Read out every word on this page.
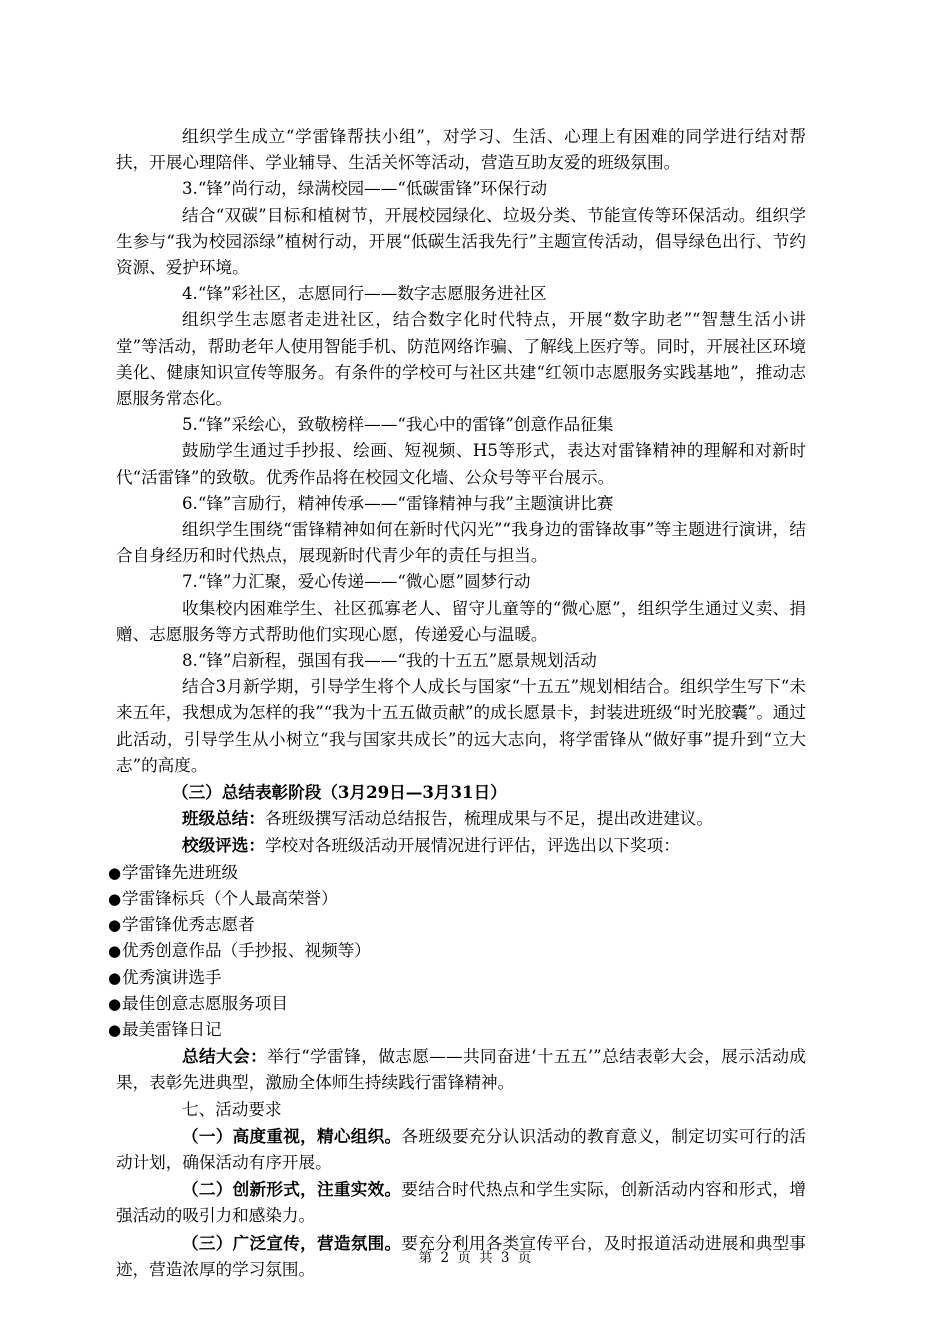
组织学生成立“学雷锋帮扶小组”，对学习、生活、心理上有困难的同学进行结对帮扶，开展心理陪伴、学业辅导、生活关怀等活动，营造互助友爱的班级氛围。

3.“锋”尚行动，绿满校园——“低碳雷锋”环保行动

结合“双碳”目标和植树节，开展校园绿化、垃圾分类、节能宣传等环保活动。组织学生参与“我为校园添绿”植树行动，开展“低碳生活我先行”主题宣传活动，倡导绿色出行、节约资源、爱护环境。

4.“锋”彩社区，志愿同行——数字志愿服务进社区

组织学生志愿者走进社区，结合数字化时代特点，开展“数字助老”“智慧生活小讲堂”等活动，帮助老年人使用智能手机、防范网络诈骗、了解线上医疗等。同时，开展社区环境美化、健康知识宣传等服务。有条件的学校可与社区共建“红领巾志愿服务实践基地”，推动志愿服务常态化。

5.“锋”采绘心，致敬榜样——“我心中的雷锋”创意作品征集

鼓励学生通过手抄报、绘画、短视频、H5等形式，表达对雷锋精神的理解和对新时代“活雷锋”的致敬。优秀作品将在校园文化墙、公众号等平台展示。

6.“锋”言励行，精神传承——“雷锋精神与我”主题演讲比赛

组织学生围绕“雷锋精神如何在新时代闪光”“我身边的雷锋故事”等主题进行演讲，结合自身经历和时代热点，展现新时代青少年的责任与担当。

7.“锋”力汇聚，爱心传递——“微心愿”圆梦行动

收集校内困难学生、社区孤寡老人、留守儿童等的“微心愿”，组织学生通过义卖、捐赠、志愿服务等方式帮助他们实现心愿，传递爱心与温暖。

8.“锋”启新程，强国有我——“我的十五五”愿景规划活动

结合3月新学期，引导学生将个人成长与国家“十五五”规划相结合。组织学生写下“未来五年，我想成为怎样的我”“我为十五五做贡献”的成长愿景卡，封装进班级“时光胶囊”。通过此活动，引导学生从小树立“我与国家共成长”的远大志向，将学雷锋从“做好事”提升到“立大志”的高度。

（三）总结表彰阶段（3月29日—3月31日）

班级总结：各班级撰写活动总结报告，梳理成果与不足，提出改进建议。

校级评选：学校对各班级活动开展情况进行评估，评选出以下奖项：

●学雷锋先进班级

●学雷锋标兵（个人最高荣誉）

●学雷锋优秀志愿者

●优秀创意作品（手抄报、视频等）

●优秀演讲选手

●最佳创意志愿服务项目

●最美雷锋日记

总结大会：举行“学雷锋，做志愿——共同奋进‘十五五’”总结表彰大会，展示活动成果，表彰先进典型，激励全体师生持续践行雷锋精神。

七、活动要求

（一）高度重视，精心组织。各班级要充分认识活动的教育意义，制定切实可行的活动计划，确保活动有序开展。

（二）创新形式，注重实效。要结合时代热点和学生实际，创新活动内容和形式，增强活动的吸引力和感染力。

（三）广泛宣传，营造氛围。要充分利用各类宣传平台，及时报道活动进展和典型事迹，营造浓厚的学习氛围。

第 2 页 共 3 页
